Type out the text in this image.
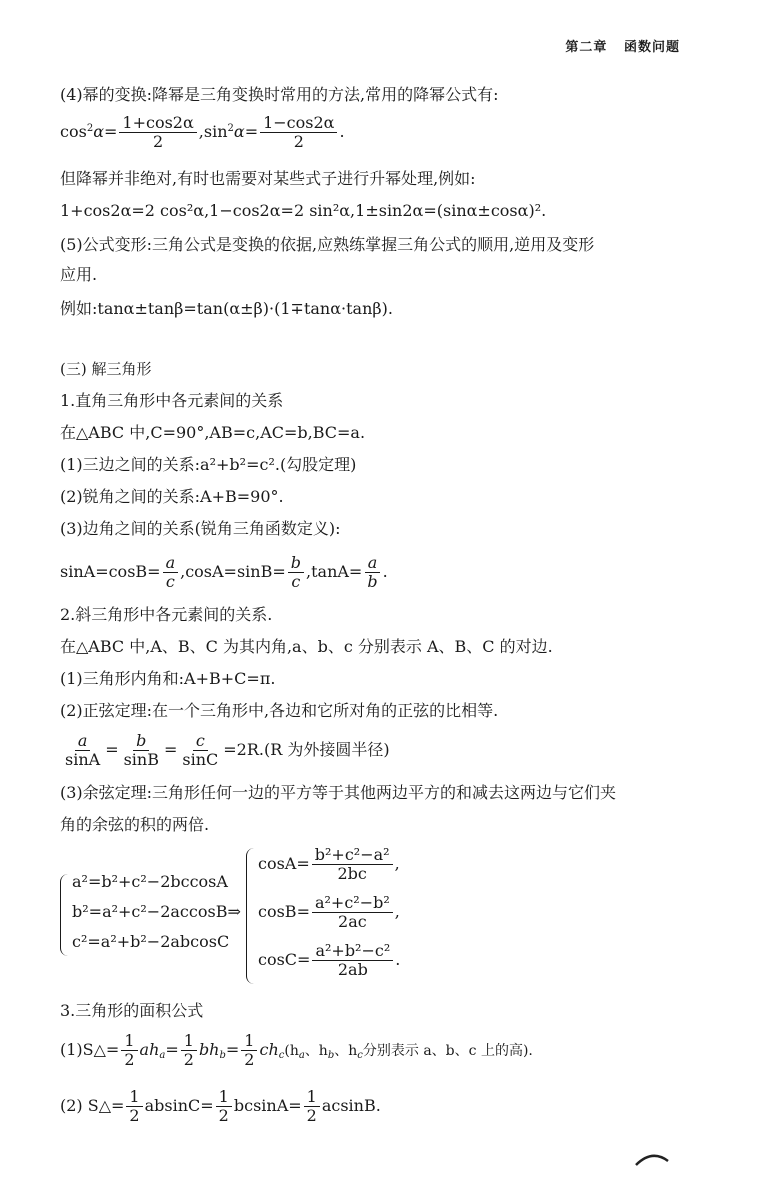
第二章 函数问题
(4)幂的变换:降幂是三角变换时常用的方法,常用的降幂公式有:
$\cos^2\alpha= \frac{1+\cos 2\alpha}{2} ,\sin^2\alpha= \frac{1-\cos 2\alpha}{2}$ .
但降幂并非绝对,有时也需要对某些式子进行升幂处理,例如:
1+cos2α=2 cos²α,1−cos2α=2 sin²α,1±sin2α=(sinα±cosα)².
(5)公式变形:三角公式是变换的依据,应熟练掌握三角公式的顺用,逆用及变形
应用.
例如:tanα±tanβ=tan(α±β)·(1∓tanα·tanβ).
(三) 解三角形
1.直角三角形中各元素间的关系
在△ABC 中,C=90°,AB=c,AC=b,BC=a.
(1)三边之间的关系:a²+b²=c².(勾股定理)
(2)锐角之间的关系:A+B=90°.
(3)边角之间的关系(锐角三角函数定义):
$\sin A=\cos B= \frac{a}{c} ,\cos A=\sin B= \frac{b}{c} ,\tan A= \frac{a}{b}$ .
2.斜三角形中各元素间的关系.
在△ABC 中,A、B、C 为其内角,a、b、c 分别表示 A、B、C 的对边.
(1)三角形内角和:A+B+C=π.
(2)正弦定理:在一个三角形中,各边和它所对角的正弦的比相等.
$\frac{a}{\sin A} = \frac{b}{\sin B} = \frac{c}{\sin C} =2R.(R$ 为外接圆半径)
(3)余弦定理:三角形任何一边的平方等于其他两边平方的和减去这两边与它们夹
角的余弦的积的两倍.
a²=b²+c²−2bccosA
b²=a²+c²−2accosB⇒
c²=a²+b²−2abcosC
$\cos A= \frac{\text{b²+c²−a²}}{2bc}$ ,
$\cos B= \frac{\text{a²+c²−b²}}{2ac}$ ,
$\cos C= \frac{\text{a²+b²−c²}}{2ab}$ .
3.三角形的面积公式
(1)S△= $\frac{1}{2} ah_a= \frac{1}{2} bh_b= \frac{1}{2} ch_c(h_a$、$h_b$、$h_c$分别表示 a、b、c 上的高).
(2) S△= $\frac{1}{2} absinC= \frac{1}{2} bcsinA= \frac{1}{2} acsinB$.
